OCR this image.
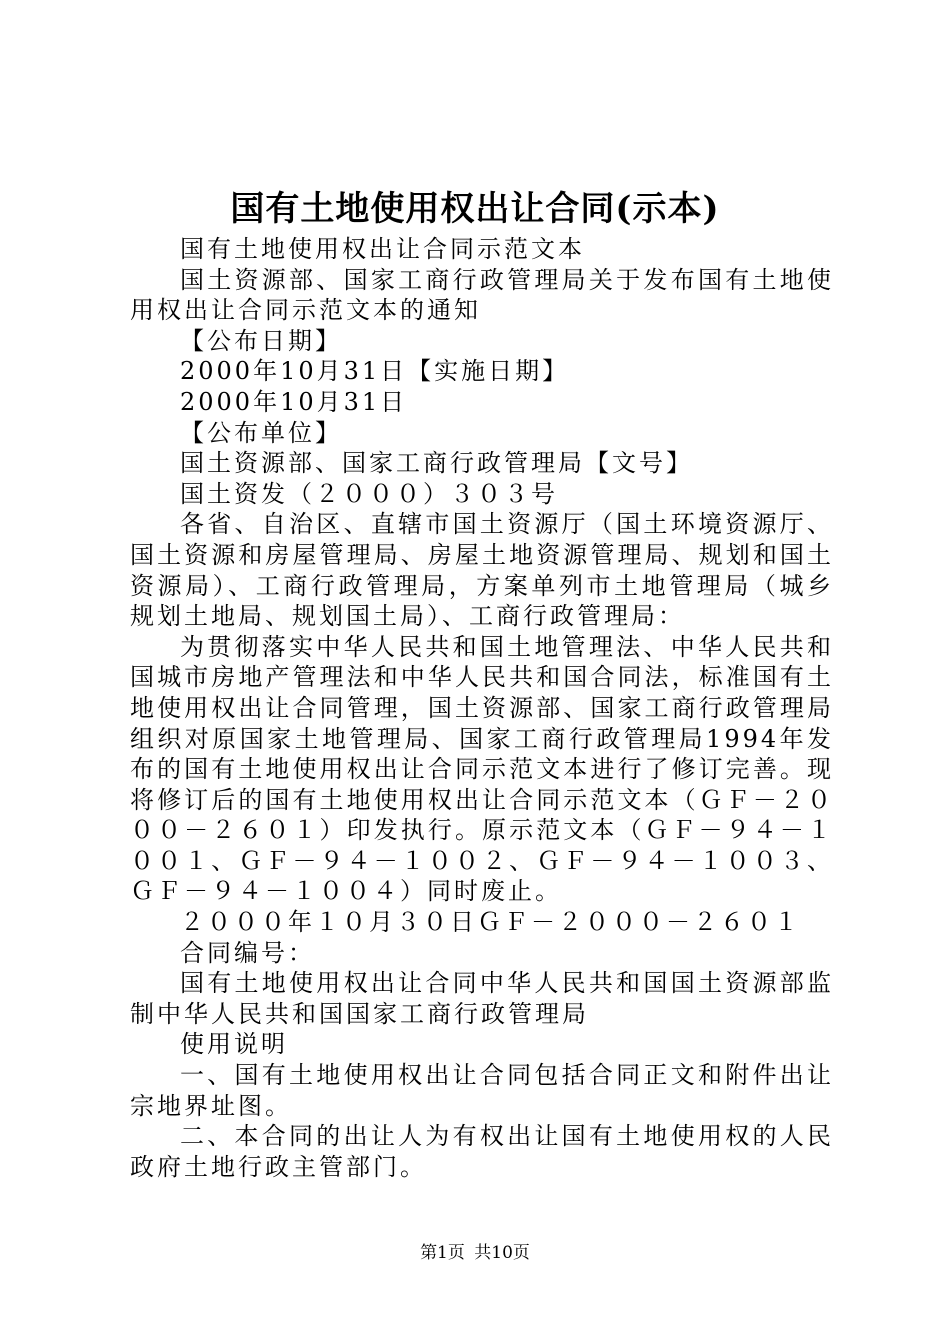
国有土地使用权出让合同(示本)

国有土地使用权出让合同示范文本

国土资源部、国家工商行政管理局关于发布国有土地使用权出让合同示范文本的通知

【公布日期】

2000年10月31日【实施日期】

2000年10月31日

【公布单位】

国土资源部、国家工商行政管理局【文号】

国土资发（２０００）３０３号

各省、自治区、直辖市国土资源厅（国土环境资源厅、国土资源和房屋管理局、房屋土地资源管理局、规划和国土资源局）、工商行政管理局，方案单列市土地管理局（城乡规划土地局、规划国土局）、工商行政管理局：

为贯彻落实中华人民共和国土地管理法、中华人民共和国城市房地产管理法和中华人民共和国合同法，标准国有土地使用权出让合同管理，国土资源部、国家工商行政管理局组织对原国家土地管理局、国家工商行政管理局1994年发布的国有土地使用权出让合同示范文本进行了修订完善。现将修订后的国有土地使用权出让合同示范文本（ＧＦ－２０００－２６０１）印发执行。原示范文本（ＧＦ－９４－１００１、ＧＦ－９４－１００２、ＧＦ－９４－１００３、ＧＦ－９４－１００４）同时废止。

２０００年１０月３０日ＧＦ－２０００－２６０１

合同编号：

国有土地使用权出让合同中华人民共和国国土资源部监制中华人民共和国国家工商行政管理局

使用说明

一、国有土地使用权出让合同包括合同正文和附件出让宗地界址图。

二、本合同的出让人为有权出让国有土地使用权的人民政府土地行政主管部门。

第1页 共10页
